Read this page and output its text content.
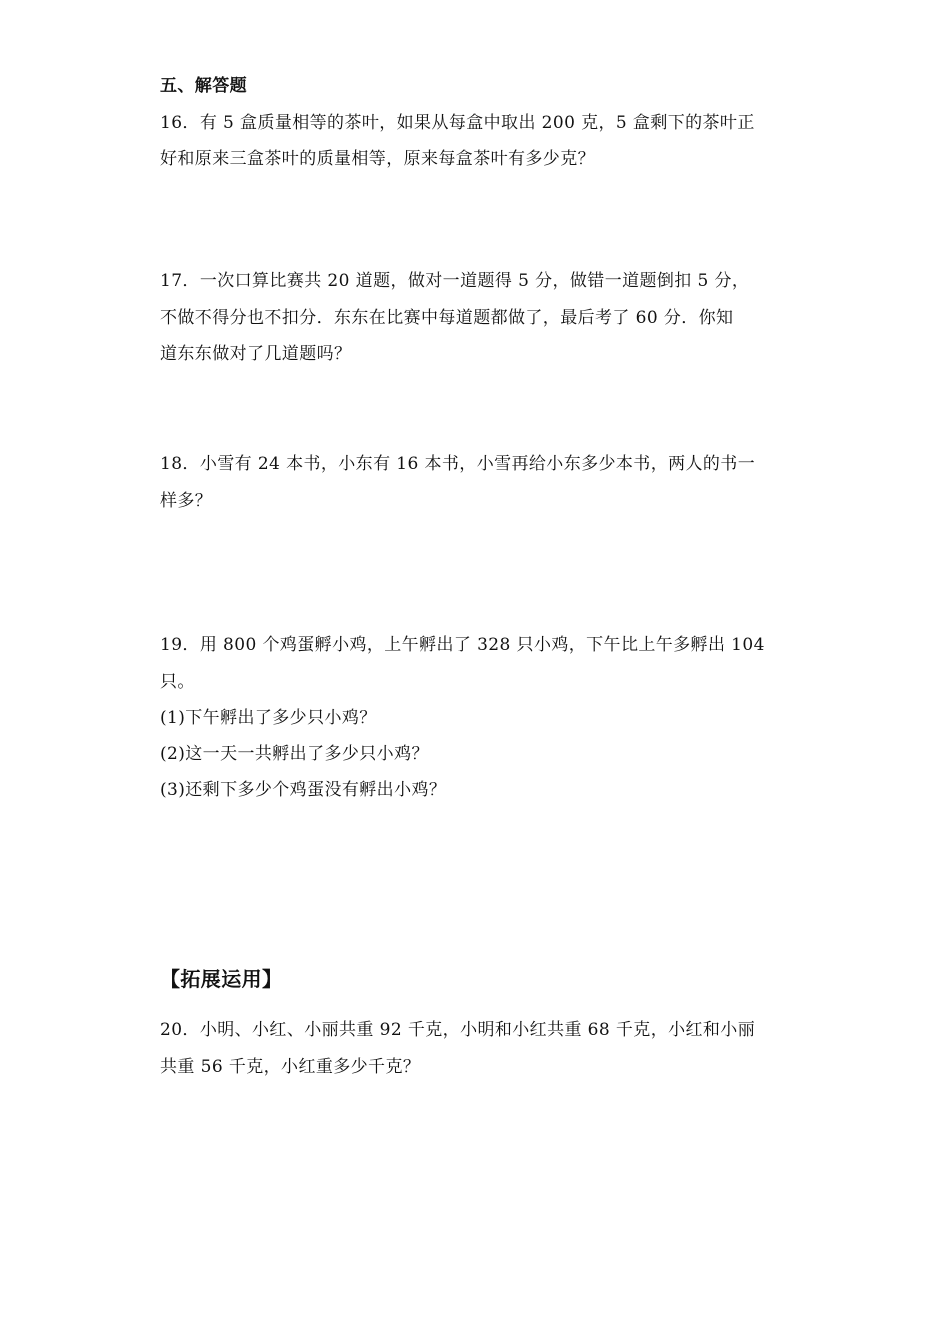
五、解答题
16．有 5 盒质量相等的茶叶，如果从每盒中取出 200 克，5 盒剩下的茶叶正
好和原来三盒茶叶的质量相等，原来每盒茶叶有多少克？
17．一次口算比赛共 20 道题，做对一道题得 5 分，做错一道题倒扣 5 分，
不做不得分也不扣分．东东在比赛中每道题都做了，最后考了 60 分．你知
道东东做对了几道题吗？
18．小雪有 24 本书，小东有 16 本书，小雪再给小东多少本书，两人的书一
样多？
19．用 800 个鸡蛋孵小鸡，上午孵出了 328 只小鸡，下午比上午多孵出 104
只。
(1)下午孵出了多少只小鸡？
(2)这一天一共孵出了多少只小鸡？
(3)还剩下多少个鸡蛋没有孵出小鸡？
【拓展运用】
20．小明、小红、小丽共重 92 千克，小明和小红共重 68 千克，小红和小丽
共重 56 千克，小红重多少千克？
